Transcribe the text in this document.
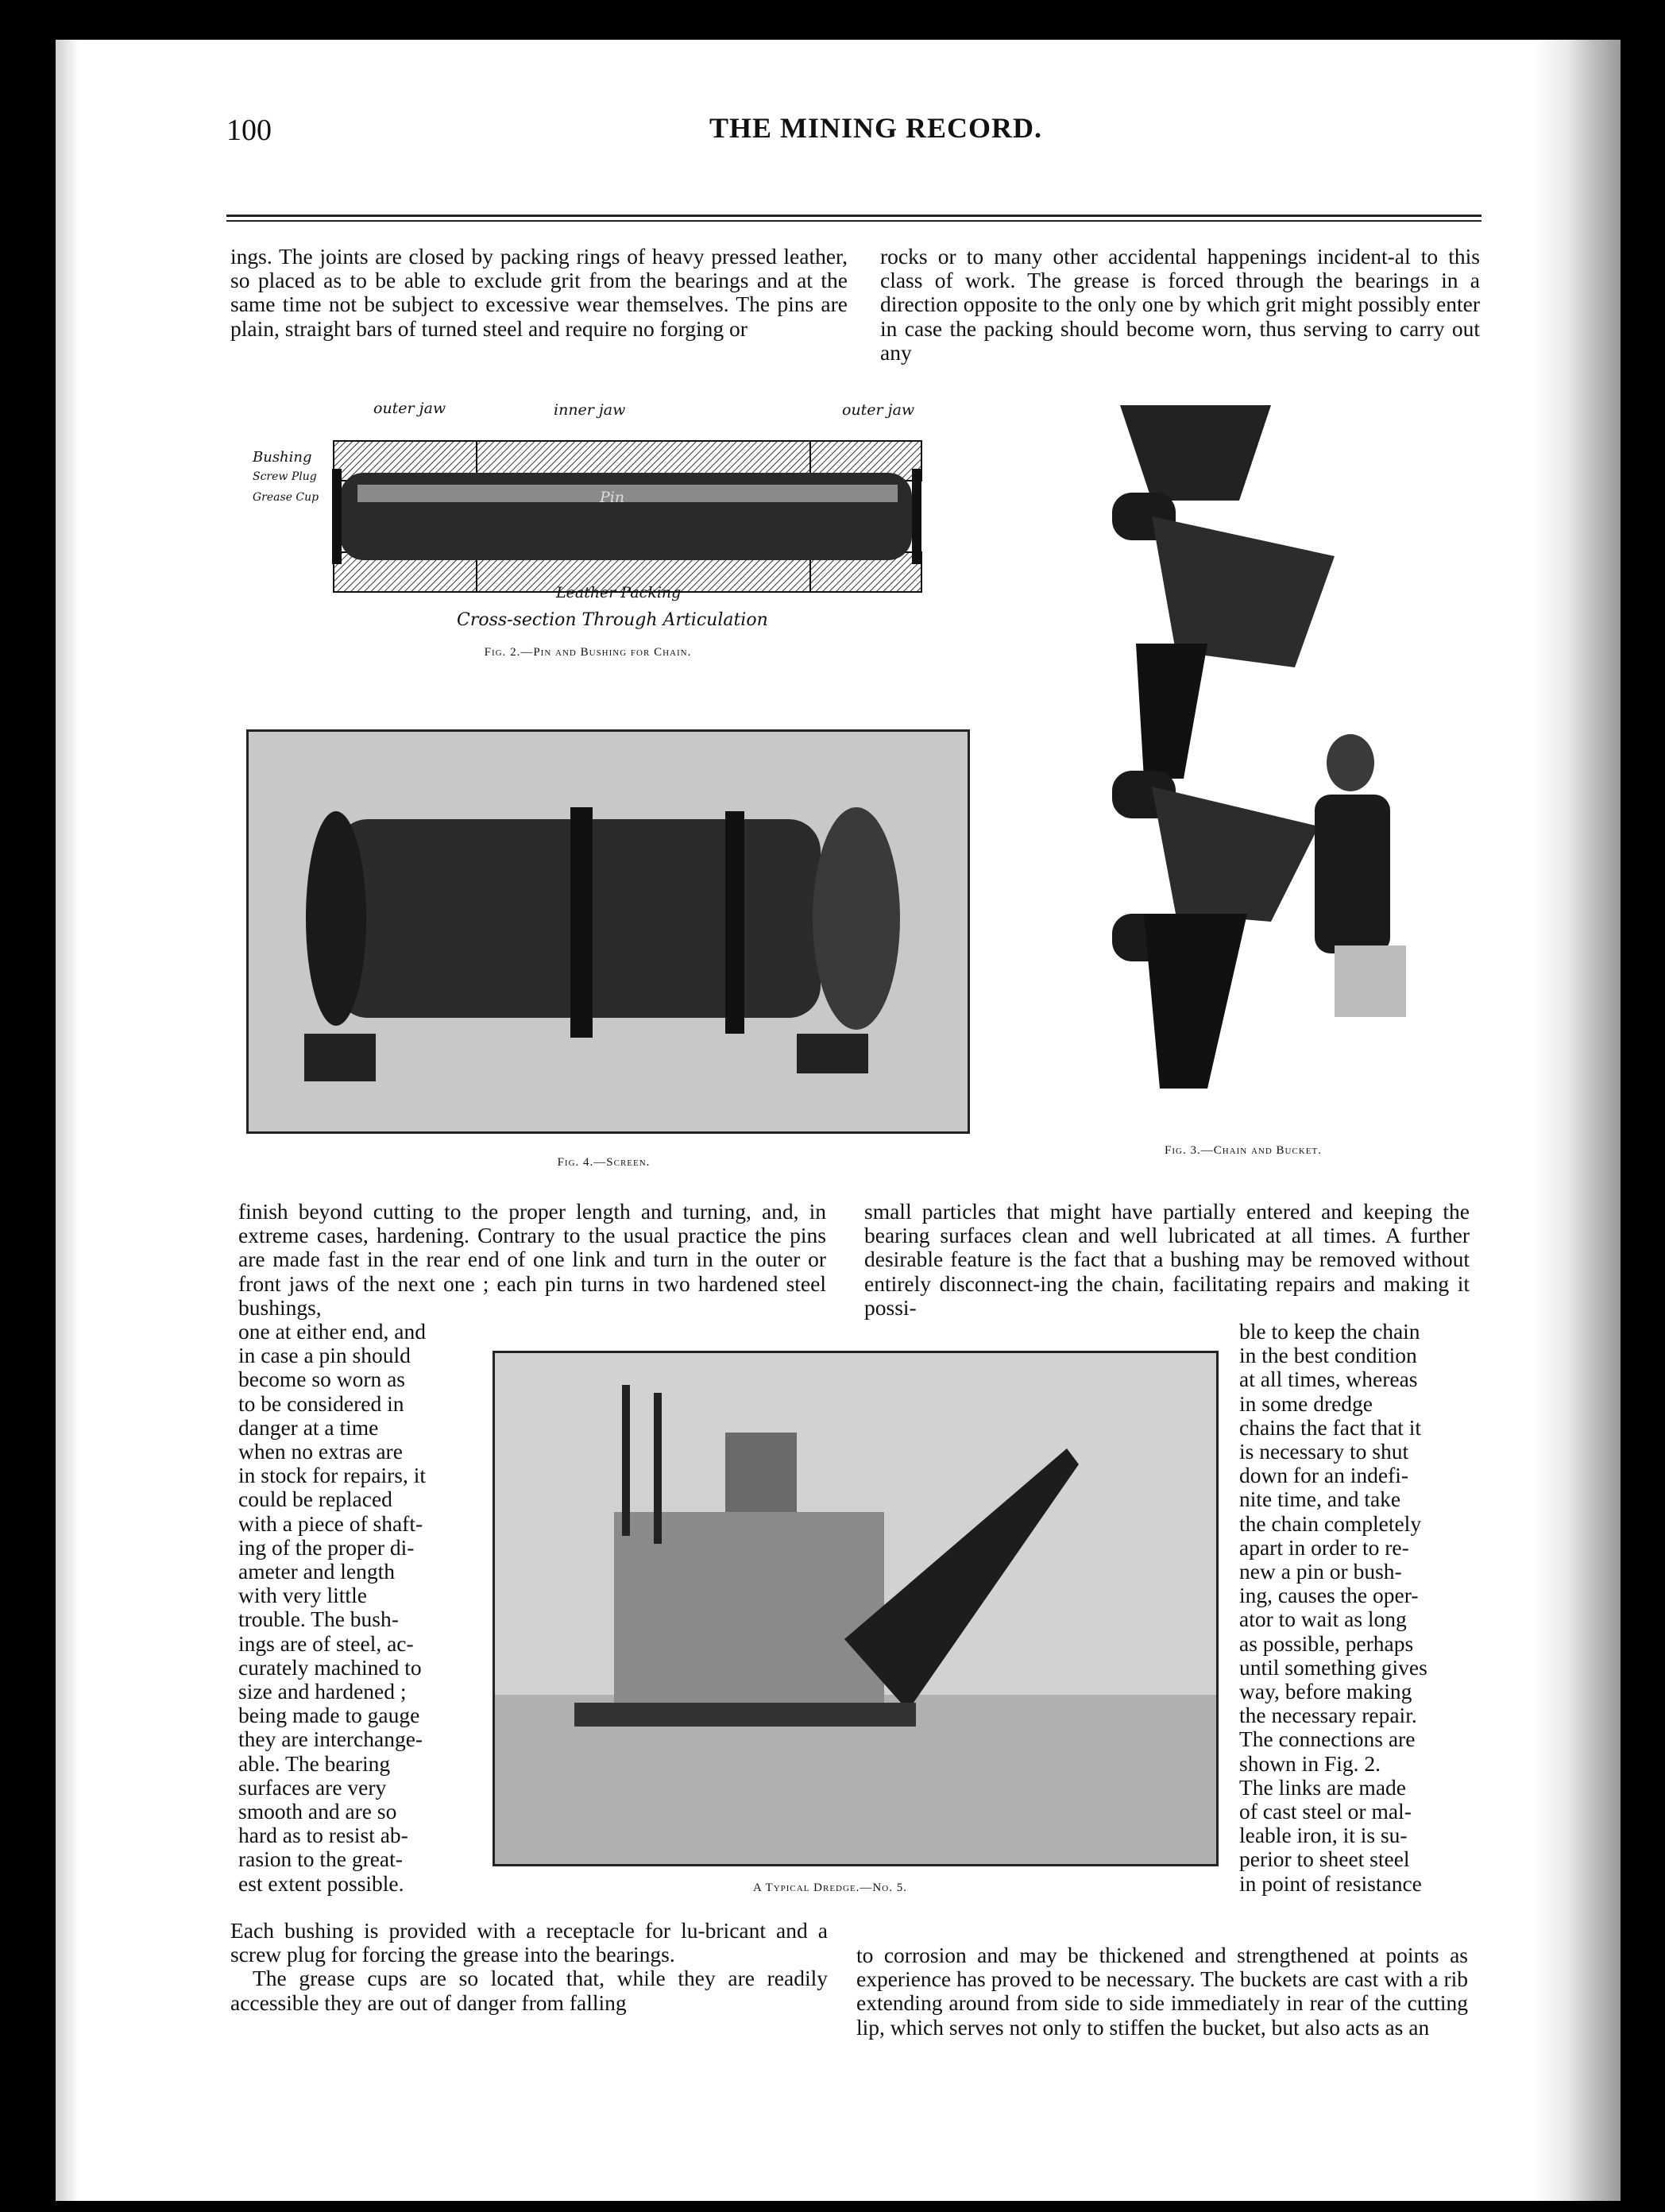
100	THE MINING RECORD.

ings. The joints are closed by packing rings of heavy pressed leather, so placed as to be able to exclude grit from the bearings and at the same time not be subject to excessive wear themselves. The pins are plain, straight bars of turned steel and require no forging or

rocks or to many other accidental happenings incident-al to this class of work. The grease is forced through the bearings in a direction opposite to the only one by which grit might possibly enter in case the packing should become worn, thus serving to carry out any

outer jaw	inner jaw	outer jaw
Bushing
Screw Plug
Grease Cup	Pin
Leather Packing
Cross-section Through Articulation
Fig. 2.—Pin and Bushing for Chain.
Fig. 4.—Screen.
Fig. 3.—Chain and Bucket.

finish beyond cutting to the proper length and turning, and, in extreme cases, hardening. Contrary to the usual practice the pins are made fast in the rear end of one link and turn in the outer or front jaws of the next one ; each pin turns in two hardened steel bushings,

small particles that might have partially entered and keeping the bearing surfaces clean and well lubricated at all times. A further desirable feature is the fact that a bushing may be removed without entirely disconnect-ing the chain, facilitating repairs and making it possi-

one at either end, and
in case a pin should
become so worn as
to be considered in
danger at a time
when no extras are
in stock for repairs, it
could be replaced
with a piece of shaft-
ing of the proper di-
ameter and length
with very little
trouble. The bush-
ings are of steel, ac-
curately machined to
size and hardened ;
being made to gauge
they are interchange-
able. The bearing
surfaces are very
smooth and are so
hard as to resist ab-
rasion to the great-
est extent possible.	A Typical Dredge.—No. 5.
ble to keep the chain
in the best condition
at all times, whereas
in some dredge
chains the fact that it
is necessary to shut
down for an indefi-
nite time, and take
the chain completely
apart in order to re-
new a pin or bush-
ing, causes the oper-
ator to wait as long
as possible, perhaps
until something gives
way, before making
the necessary repair.
The connections are
shown in Fig. 2.
The links are made
of cast steel or mal-
leable iron, it is su-
perior to sheet steel
in point of resistance

Each bushing is provided with a receptacle for lu-bricant and a screw plug for forcing the grease into the bearings.

The grease cups are so located that, while they are readily accessible they are out of danger from falling

to corrosion and may be thickened and strengthened at points as experience has proved to be necessary. The buckets are cast with a rib extending around from side to side immediately in rear of the cutting lip, which serves not only to stiffen the bucket, but also acts as an
